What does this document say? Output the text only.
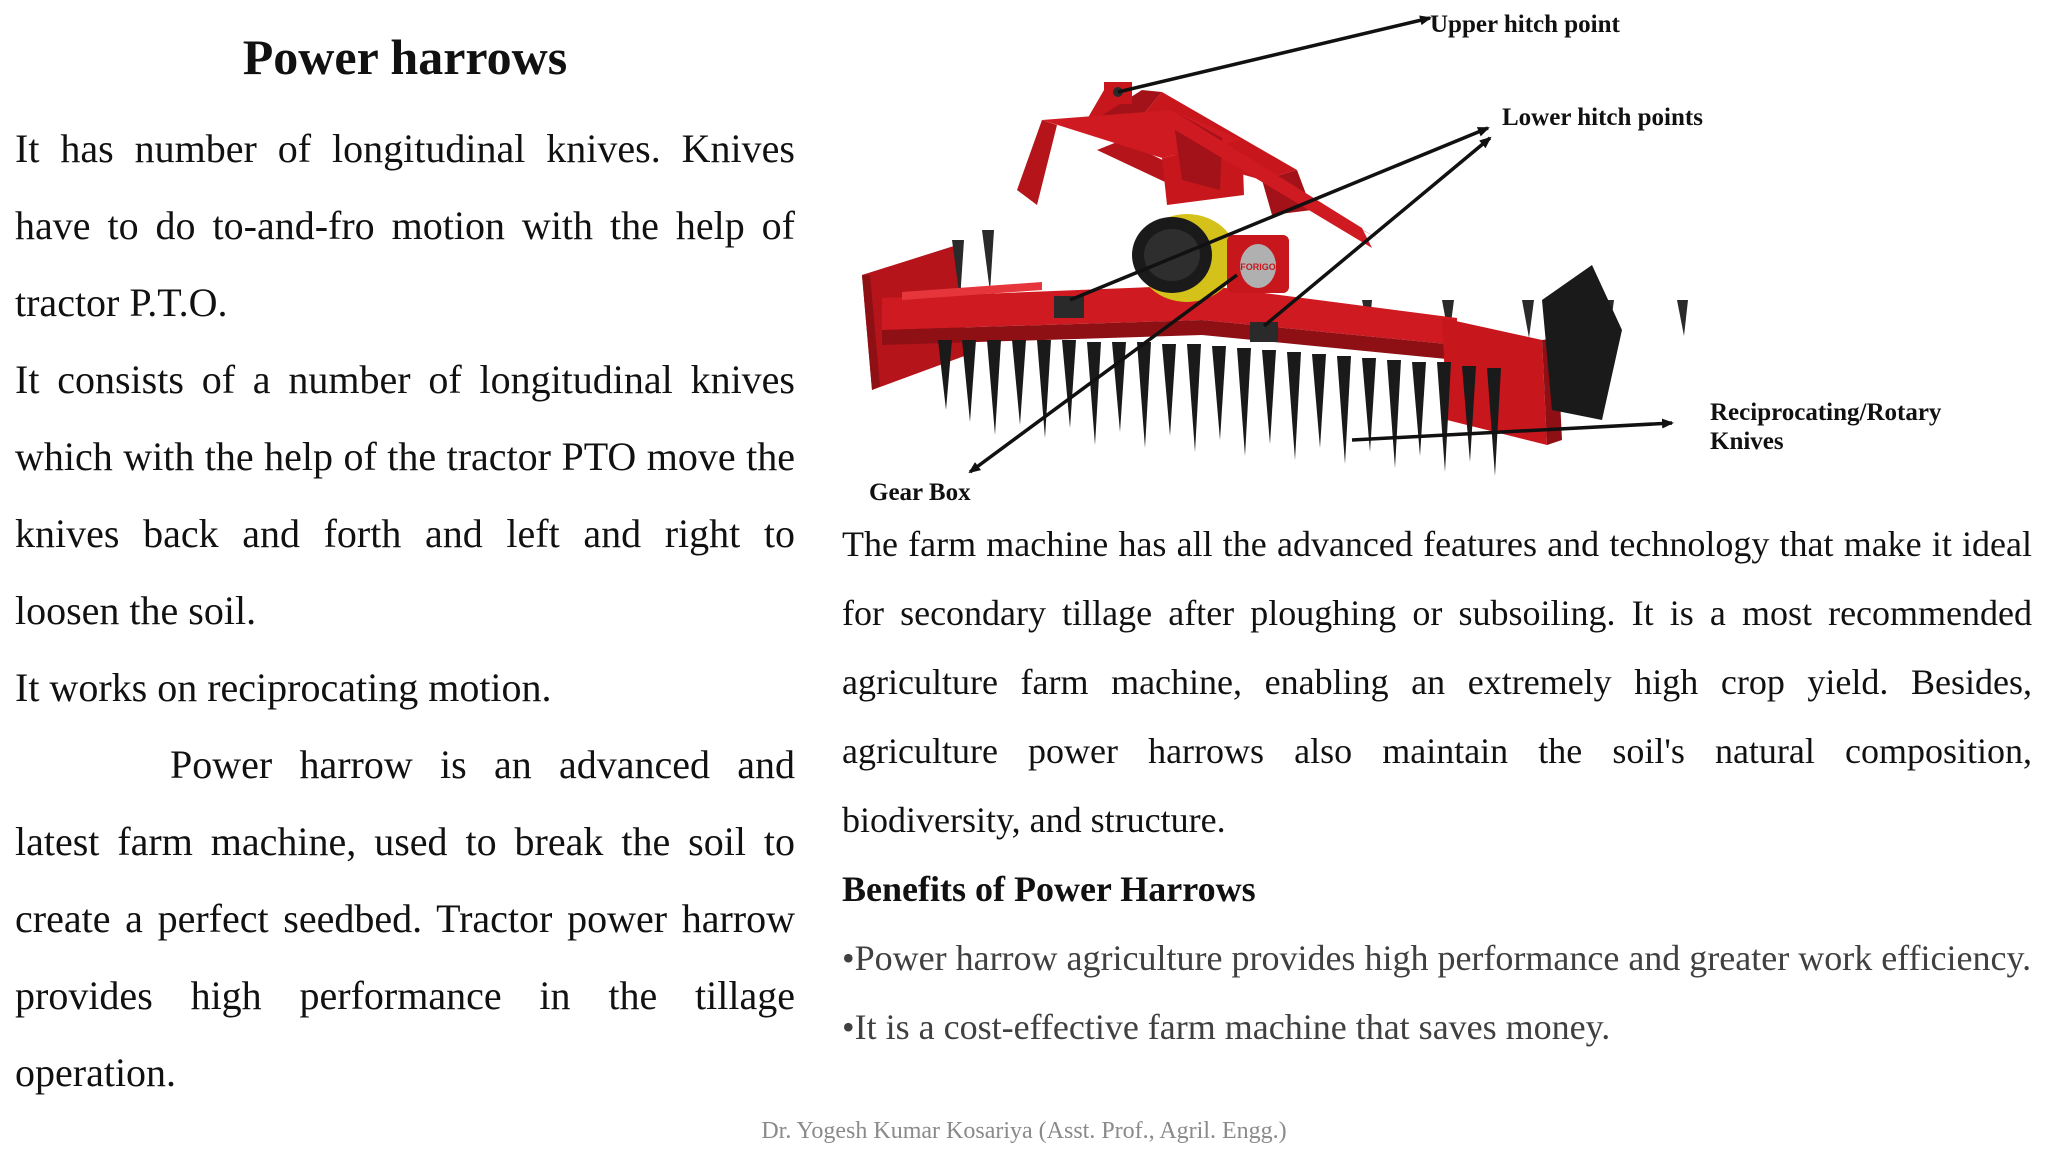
Power harrows

It has number of longitudinal knives. Knives have to do to-and-fro motion with the help of tractor P.T.O.

It consists of a number of longitudinal knives which with the help of the tractor PTO move the knives back and forth and left and right to loosen the soil.

It works on reciprocating motion.

Power harrow is an advanced and latest farm machine, used to break the soil to create a perfect seedbed. Tractor power harrow provides high performance in the tillage operation.

FORIGO
Upper hitch point
Lower hitch points
Reciprocating/Rotary
Knives
Gear Box

The farm machine has all the advanced features and technology that make it ideal for secondary tillage after ploughing or subsoiling. It is a most recommended agriculture farm machine, enabling an extremely high crop yield. Besides, agriculture power harrows also maintain the soil's natural composition, biodiversity, and structure.

Benefits of Power Harrows

•Power harrow agriculture provides high performance and greater work efficiency.

•It is a cost-effective farm machine that saves money.

Dr. Yogesh Kumar Kosariya (Asst. Prof., Agril. Engg.)
